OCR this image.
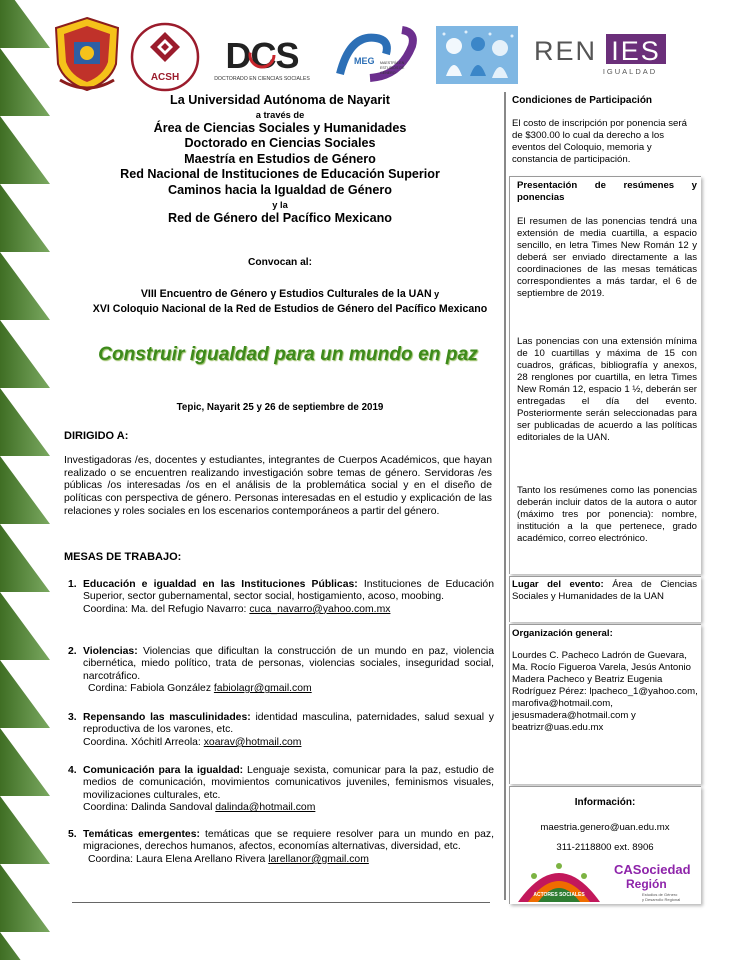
ACSH
DCS
DOCTORADO EN CIENCIAS SOCIALES
MEG MAESTRÍA EN
ESTUDIOS DE
GÉNERO
REN IES
IGUALDAD
La Universidad Autónoma de Nayarit
a través de
Área de Ciencias Sociales y Humanidades
Doctorado en Ciencias Sociales
Maestría en Estudios de Género
Red Nacional de Instituciones de Educación Superior
Caminos hacia la Igualdad de Género
y la
Red de Género del Pacífico Mexicano
Convocan al:
VIII Encuentro de Género y Estudios Culturales de la UAN y
XVI Coloquio Nacional de la Red de Estudios de Género del Pacífico Mexicano
Construir igualdad para un mundo en paz
Tepic, Nayarit 25 y 26 de septiembre de 2019
DIRIGIDO A:
Investigadoras /es, docentes y estudiantes, integrantes de Cuerpos Académicos, que hayan realizado o se encuentren realizando investigación sobre temas de género. Servidoras /es públicas /os interesadas /os en el análisis de la problemática social y en el diseño de políticas con perspectiva de género. Personas interesadas en el estudio y explicación de las relaciones y roles sociales en los escenarios contemporáneos a partir del género.
MESAS DE TRABAJO:
1. Educación e igualdad en las Instituciones Públicas: Instituciones de Educación Superior, sector gubernamental, sector social, hostigamiento, acoso, moobing.
Coordina: Ma. del Refugio Navarro: cuca_navarro@yahoo.com.mx
2. Violencias: Violencias que dificultan la construcción de un mundo en paz, violencia cibernética, miedo político, trata de personas, violencias sociales, inseguridad social, narcotráfico.
Cordina: Fabiola González fabiolagr@gmail.com
3. Repensando las masculinidades: identidad masculina, paternidades, salud sexual y reproductiva de los varones, etc.
Coordina. Xóchitl Arreola: xoarav@hotmail.com
4. Comunicación para la igualdad: Lenguaje sexista, comunicar para la paz, estudio de medios de comunicación, movimientos comunicativos juveniles, feminismos visuales, movilizaciones culturales, etc.
Coordina: Dalinda Sandoval dalinda@hotmail.com
5. Temáticas emergentes: temáticas que se requiere resolver para un mundo en paz, migraciones, derechos humanos, afectos, economías alternativas, diversidad, etc.
Coordina: Laura Elena Arellano Rivera larellanor@gmail.com
Condiciones de Participación
El costo de inscripción por ponencia será de $300.00 lo cual da derecho a los eventos del Coloquio, memoria y constancia de participación.
Presentación de resúmenes y ponencias
El resumen de las ponencias tendrá una extensión de media cuartilla, a espacio sencillo, en letra Times New Román 12 y deberá ser enviado directamente a las coordinaciones de las mesas temáticas correspondientes a más tardar, el 6 de septiembre de 2019.
Las ponencias con una extensión mínima de 10 cuartillas y máxima de 15 con cuadros, gráficas, bibliografía y anexos, 28 renglones por cuartilla, en letra Times New Román 12, espacio 1 ½, deberán ser entregadas el día del evento. Posteriormente serán seleccionadas para ser publicadas de acuerdo a las políticas editoriales de la UAN.
Tanto los resúmenes como las ponencias deberán incluir datos de la autora o autor (máximo tres por ponencia): nombre, institución a la que pertenece, grado académico, correo electrónico.
Lugar del evento: Área de Ciencias Sociales y Humanidades de la UAN
Organización general:
Lourdes C. Pacheco Ladrón de Guevara, Ma. Rocío Figueroa Varela, Jesús Antonio Madera Pacheco y Beatriz Eugenia Rodríguez Pérez: lpacheco_1@yahoo.com, marofiva@hotmail.com, jesusmadera@hotmail.com y beatrizr@uas.edu.mx
Información:
maestria.genero@uan.edu.mx
311-2118800 ext. 8906
ACTORES SOCIALES
CASociedad
Región
Estudios de Género
y Desarrollo Regional
